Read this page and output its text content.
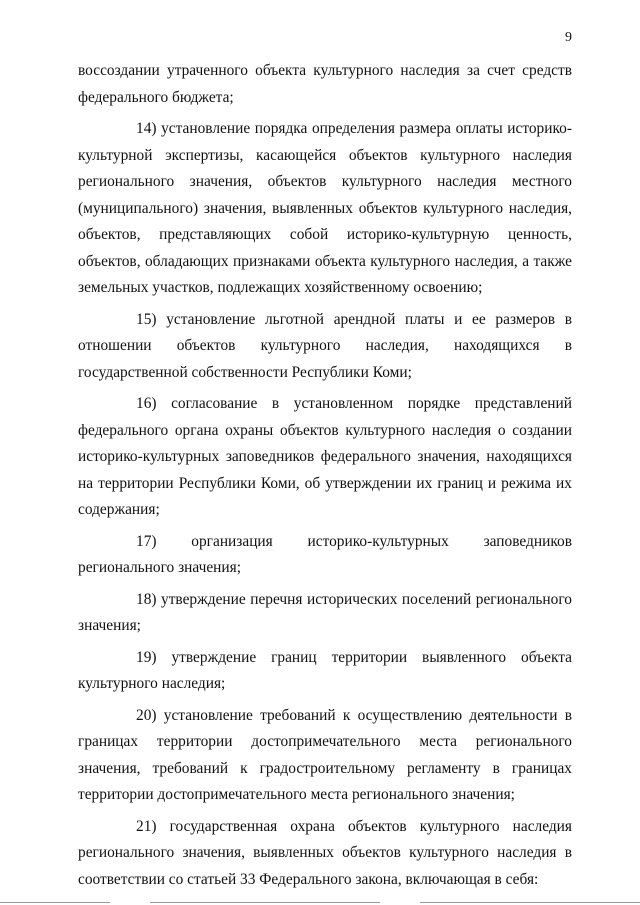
9

воссоздании утраченного объекта культурного наследия за счет средств федерального бюджета;

14) установление порядка определения размера оплаты историко-культурной экспертизы, касающейся объектов культурного наследия регионального значения, объектов культурного наследия местного (муниципального) значения, выявленных объектов культурного наследия, объектов, представляющих собой историко-культурную ценность, объектов, обладающих признаками объекта культурного наследия, а также земельных участков, подлежащих хозяйственному освоению;

15) установление льготной арендной платы и ее размеров в отношении объектов культурного наследия, находящихся в государственной собственности Республики Коми;

16) согласование в установленном порядке представлений федерального органа охраны объектов культурного наследия о создании историко-культурных заповедников федерального значения, находящихся на территории Республики Коми, об утверждении их границ и режима их содержания;

17) организация историко-культурных заповедников регионального значения;

18) утверждение перечня исторических поселений регионального значения;

19) утверждение границ территории выявленного объекта культурного наследия;

20) установление требований к осуществлению деятельности в границах территории достопримечательного места регионального значения, требований к градостроительному регламенту в границах территории достопримечательного места регионального значения;

21) государственная охрана объектов культурного наследия регионального значения, выявленных объектов культурного наследия в соответствии со статьей 33 Федерального закона, включающая в себя:
